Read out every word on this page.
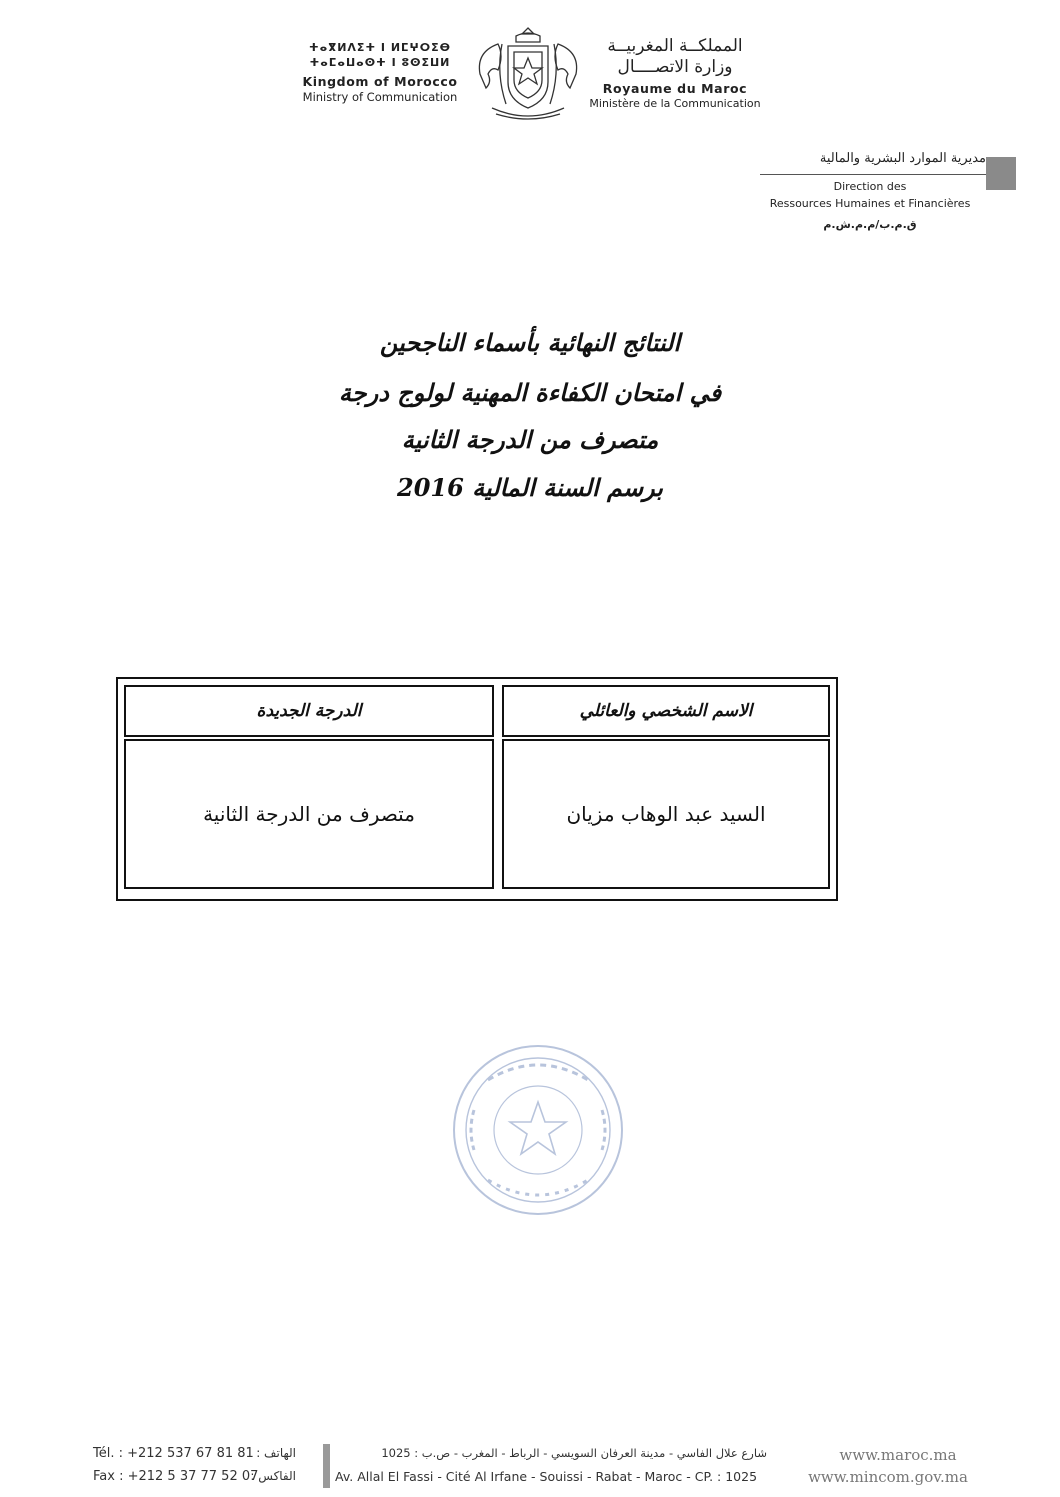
ⵜⴰⴳⵍⴷⵉⵜ ⵏ ⵍⵎⵖⵔⵉⴱ
ⵜⴰⵎⴰⵡⴰⵙⵜ ⵏ ⵓⵙⵉⵡⵍ
Kingdom of Morocco
Ministry of Communication
المملكــة المغربيــة
وزارة الاتصــــال
Royaume du Maroc
Ministère de la Communication
مديرية الموارد البشرية والمالية
Direction des
Ressources Humaines et Financières
ق.م.ب/م.م.ش.م
النتائج النهائية بأسماء الناجحين
في امتحان الكفاءة المهنية لولوج درجة
متصرف من الدرجة الثانية
برسم السنة المالية 2016
الدرجة الجديدة	الاسم الشخصي والعائلي
متصرف من الدرجة الثانية	السيد عبد الوهاب مزيان
Tél. : +212 537 67 81 81 الهاتف :
Fax : +212 5 37 77 52 07
الفاكس :
شارع علال الفاسي - مدينة العرفان السويسي - الرباط - المغرب - ص.ب : 1025
Av. Allal El Fassi - Cité Al Irfane - Souissi - Rabat - Maroc - CP. : 1025
www.maroc.ma
www.mincom.gov.ma
